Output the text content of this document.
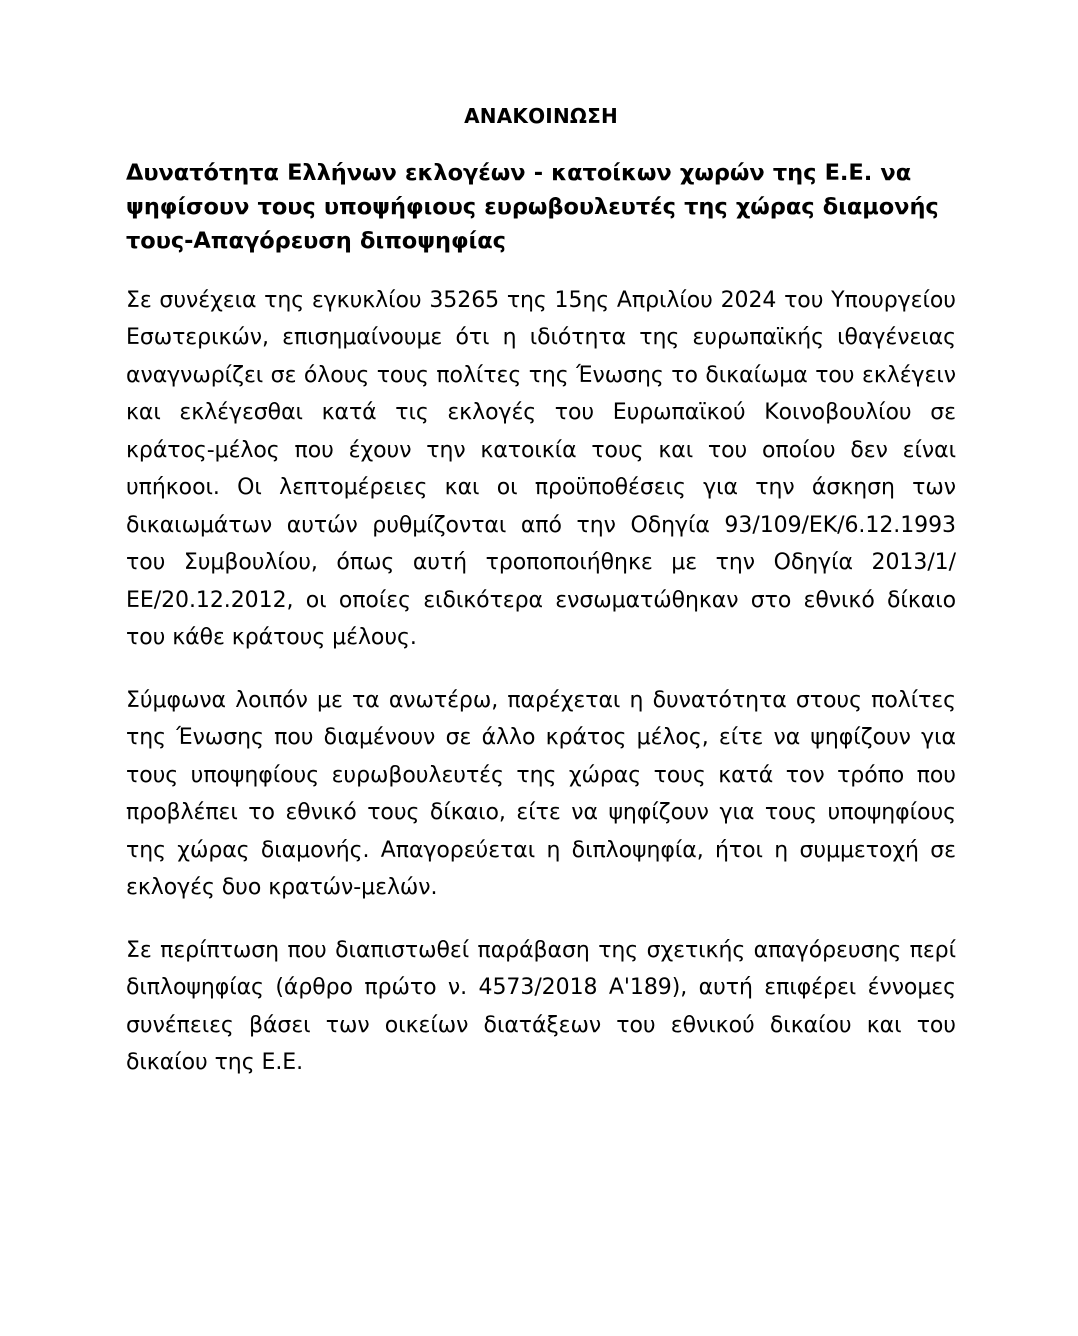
ΑΝΑΚΟΙΝΩΣΗ
Δυνατότητα Ελλήνων εκλογέων - κατοίκων χωρών της Ε.Ε. να ψηφίσουν τους υποψήφιους ευρωβουλευτές της χώρας διαμονής τους-Απαγόρευση διποψηφίας

Σε συνέχεια της εγκυκλίου 35265 της 15ης Απριλίου 2024 του Υπουργείου Εσωτερικών, επισημαίνουμε ότι η ιδιότητα της ευρωπαϊκής ιθαγένειας αναγνωρίζει σε όλους τους πολίτες της Ένωσης το δικαίωμα του εκλέγειν και εκλέγεσθαι κατά τις εκλογές του Ευρωπαϊκού Κοινοβουλίου σε κράτος-μέλος που έχουν την κατοικία τους και του οποίου δεν είναι υπήκοοι. Οι λεπτομέρειες και οι προϋποθέσεις για την άσκηση των δικαιωμάτων αυτών ρυθμίζονται από την Οδηγία 93/109/ΕΚ/6.12.1993 του Συμβουλίου, όπως αυτή τροποποιήθηκε με την Οδηγία 2013/1/ΕΕ/20.12.2012, οι οποίες ειδικότερα ενσωματώθηκαν στο εθνικό δίκαιο του κάθε κράτους μέλους.

Σύμφωνα λοιπόν με τα ανωτέρω, παρέχεται η δυνατότητα στους πολίτες της Ένωσης που διαμένουν σε άλλο κράτος μέλος, είτε να ψηφίζουν για τους υποψηφίους ευρωβουλευτές της χώρας τους κατά τον τρόπο που προβλέπει το εθνικό τους δίκαιο, είτε να ψηφίζουν για τους υποψηφίους της χώρας διαμονής. Απαγορεύεται η διπλοψηφία, ήτοι η συμμετοχή σε εκλογές δυο κρατών-μελών.

Σε περίπτωση που διαπιστωθεί παράβαση της σχετικής απαγόρευσης περί διπλοψηφίας (άρθρο πρώτο ν. 4573/2018 Α'189), αυτή επιφέρει έννομες συνέπειες βάσει των οικείων διατάξεων του εθνικού δικαίου και του δικαίου της Ε.Ε.
